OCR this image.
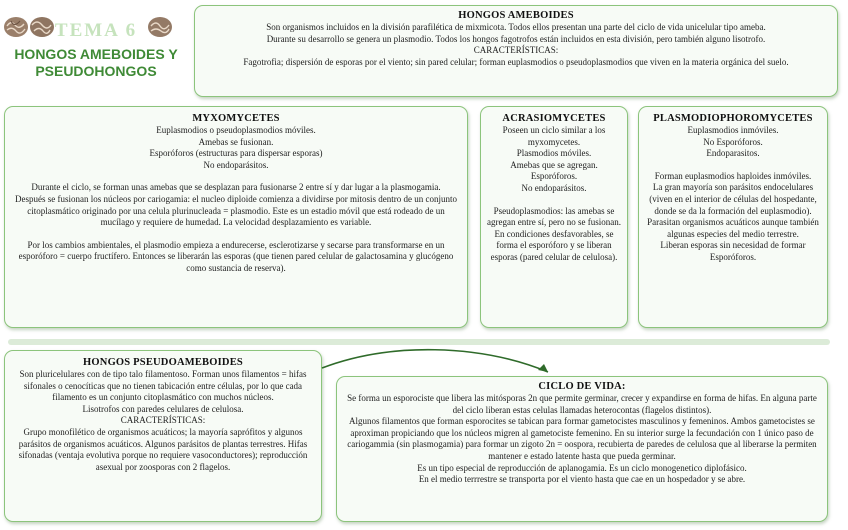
TEMA 6
HONGOS AMEBOIDES Y PSEUDOHONGOS
HONGOS AMEBOIDES

Son organismos incluidos en la división parafilética de mixmicota. Todos ellos presentan una parte del ciclo de vida unicelular tipo ameba.

Durante su desarrollo se genera un plasmodio. Todos los hongos fagotrofos están incluidos en esta división, pero también alguno lisotrofo.

CARACTERÍSTICAS:

Fagotrofia; dispersión de esporas por el viento; sin pared celular; forman euplasmodios o pseudoplasmodios que viven en la materia orgánica del suelo.

MYXOMYCETES

Euplasmodios o pseudoplasmodios móviles.

Amebas se fusionan.

Esporóforos (estructuras para dispersar esporas)

No endoparásitos.

Durante el ciclo, se forman unas amebas que se desplazan para fusionarse 2 entre sí y dar lugar a la plasmogamia.

Después se fusionan los núcleos por cariogamia: el nucleo diploide comienza a dividirse por mitosis dentro de un conjunto citoplasmático originado por una celula plurinucleada = plasmodio. Este es un estadio móvil que está rodeado de un mucílago y requiere de humedad. La velocidad desplazamiento es variable.

Por los cambios ambientales, el plasmodio empieza a endurecerse, esclerotizarse y secarse para transformarse en un esporóforo = cuerpo fructífero. Entonces se liberarán las esporas (que tienen pared celular de galactosamina y glucógeno como sustancia de reserva).

ACRASIOMYCETES

Poseen un ciclo similar a los myxomycetes.

Plasmodios móviles.

Amebas que se agregan.

Esporóforos.

No endoparásitos.

Pseudoplasmodios: las amebas se agregan entre sí, pero no se fusionan.

En condiciones desfavorables, se forma el esporóforo y se liberan esporas (pared celular de celulosa).

PLASMODIOPHOROMYCETES

Euplasmodios inmóviles.

No Esporóforos.

Endoparasitos.

Forman euplasmodios haploides inmóviles.

La gran mayoría son parásitos endocelulares (viven en el interior de células del hospedante, donde se da la formación del euplasmodio).

Parasitan organismos acuáticos aunque también algunas especies del medio terrestre.

Liberan esporas sin necesidad de formar Esporóforos.

HONGOS PSEUDOAMEBOIDES

Son pluricelulares con de tipo talo filamentoso. Forman unos filamentos = hifas sifonales o cenocíticas que no tienen tabicación entre células, por lo que cada filamento es un conjunto citoplasmático con muchos núcleos.

Lisotrofos con paredes celulares de celulosa.

CARACTERÍSTICAS:

Grupo monofilético de organismos acuáticos; la mayoría saprófitos y algunos parásitos de organismos acuáticos. Algunos parásitos de plantas terrestres. Hifas sifonadas (ventaja evolutiva porque no requiere vasoconductores); reproducción asexual por zoosporas con 2 flagelos.

CICLO DE VIDA:

Se forma un esporociste que libera las mitósporas 2n que permite germinar, crecer y expandirse en forma de hifas. En alguna parte del ciclo liberan estas celulas llamadas heterocontas (flagelos distintos).

Algunos filamentos que forman esporocites se tabican para formar gametocistes masculinos y femeninos. Ambos gametocistes se aproximan propiciando que los núcleos migren al gametociste femenino. En su interior surge la fecundación con 1 único paso de cariogammia (sin plasmogamia) para formar un zigoto 2n = oospora, recubierta de paredes de celulosa que al liberarse la permiten mantener e estado latente hasta que pueda germinar.

Es un tipo especial de reproducción de aplanogamia. Es un ciclo monogenetico diplofásico.

En el medio terrrestre se transporta por el viento hasta que cae en un hospedador y se abre.
